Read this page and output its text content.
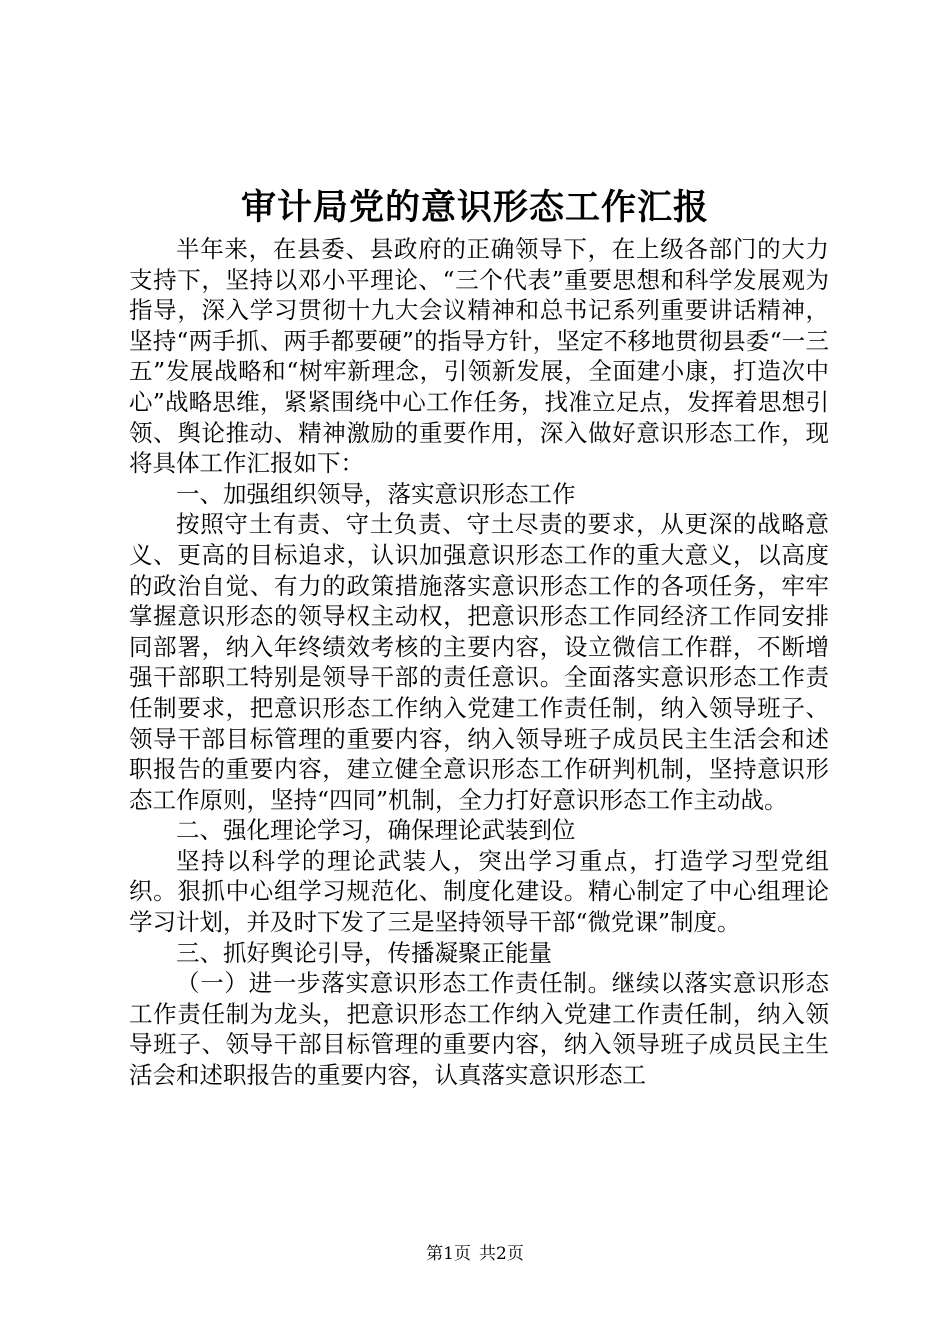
审计局党的意识形态工作汇报

半年来，在县委、县政府的正确领导下，在上级各部门的大力支持下，坚持以邓小平理论、“三个代表”重要思想和科学发展观为指导，深入学习贯彻十九大会议精神和总书记系列重要讲话精神，坚持“两手抓、两手都要硬”的指导方针，坚定不移地贯彻县委“一三五”发展战略和“树牢新理念，引领新发展，全面建小康，打造次中心”战略思维，紧紧围绕中心工作任务，找准立足点，发挥着思想引领、舆论推动、精神激励的重要作用，深入做好意识形态工作，现将具体工作汇报如下：

一、加强组织领导，落实意识形态工作

按照守土有责、守土负责、守土尽责的要求，从更深的战略意义、更高的目标追求，认识加强意识形态工作的重大意义，以高度的政治自觉、有力的政策措施落实意识形态工作的各项任务，牢牢掌握意识形态的领导权主动权，把意识形态工作同经济工作同安排同部署，纳入年终绩效考核的主要内容，设立微信工作群，不断增强干部职工特别是领导干部的责任意识。全面落实意识形态工作责任制要求，把意识形态工作纳入党建工作责任制，纳入领导班子、领导干部目标管理的重要内容，纳入领导班子成员民主生活会和述职报告的重要内容，建立健全意识形态工作研判机制，坚持意识形态工作原则，坚持“四同”机制，全力打好意识形态工作主动战。

二、强化理论学习，确保理论武装到位

坚持以科学的理论武装人，突出学习重点，打造学习型党组织。狠抓中心组学习规范化、制度化建设。精心制定了中心组理论学习计划，并及时下发了三是坚持领导干部“微党课”制度。

三、抓好舆论引导，传播凝聚正能量

（一）进一步落实意识形态工作责任制。继续以落实意识形态工作责任制为龙头，把意识形态工作纳入党建工作责任制，纳入领导班子、领导干部目标管理的重要内容，纳入领导班子成员民主生活会和述职报告的重要内容，认真落实意识形态工

第1页 共2页
